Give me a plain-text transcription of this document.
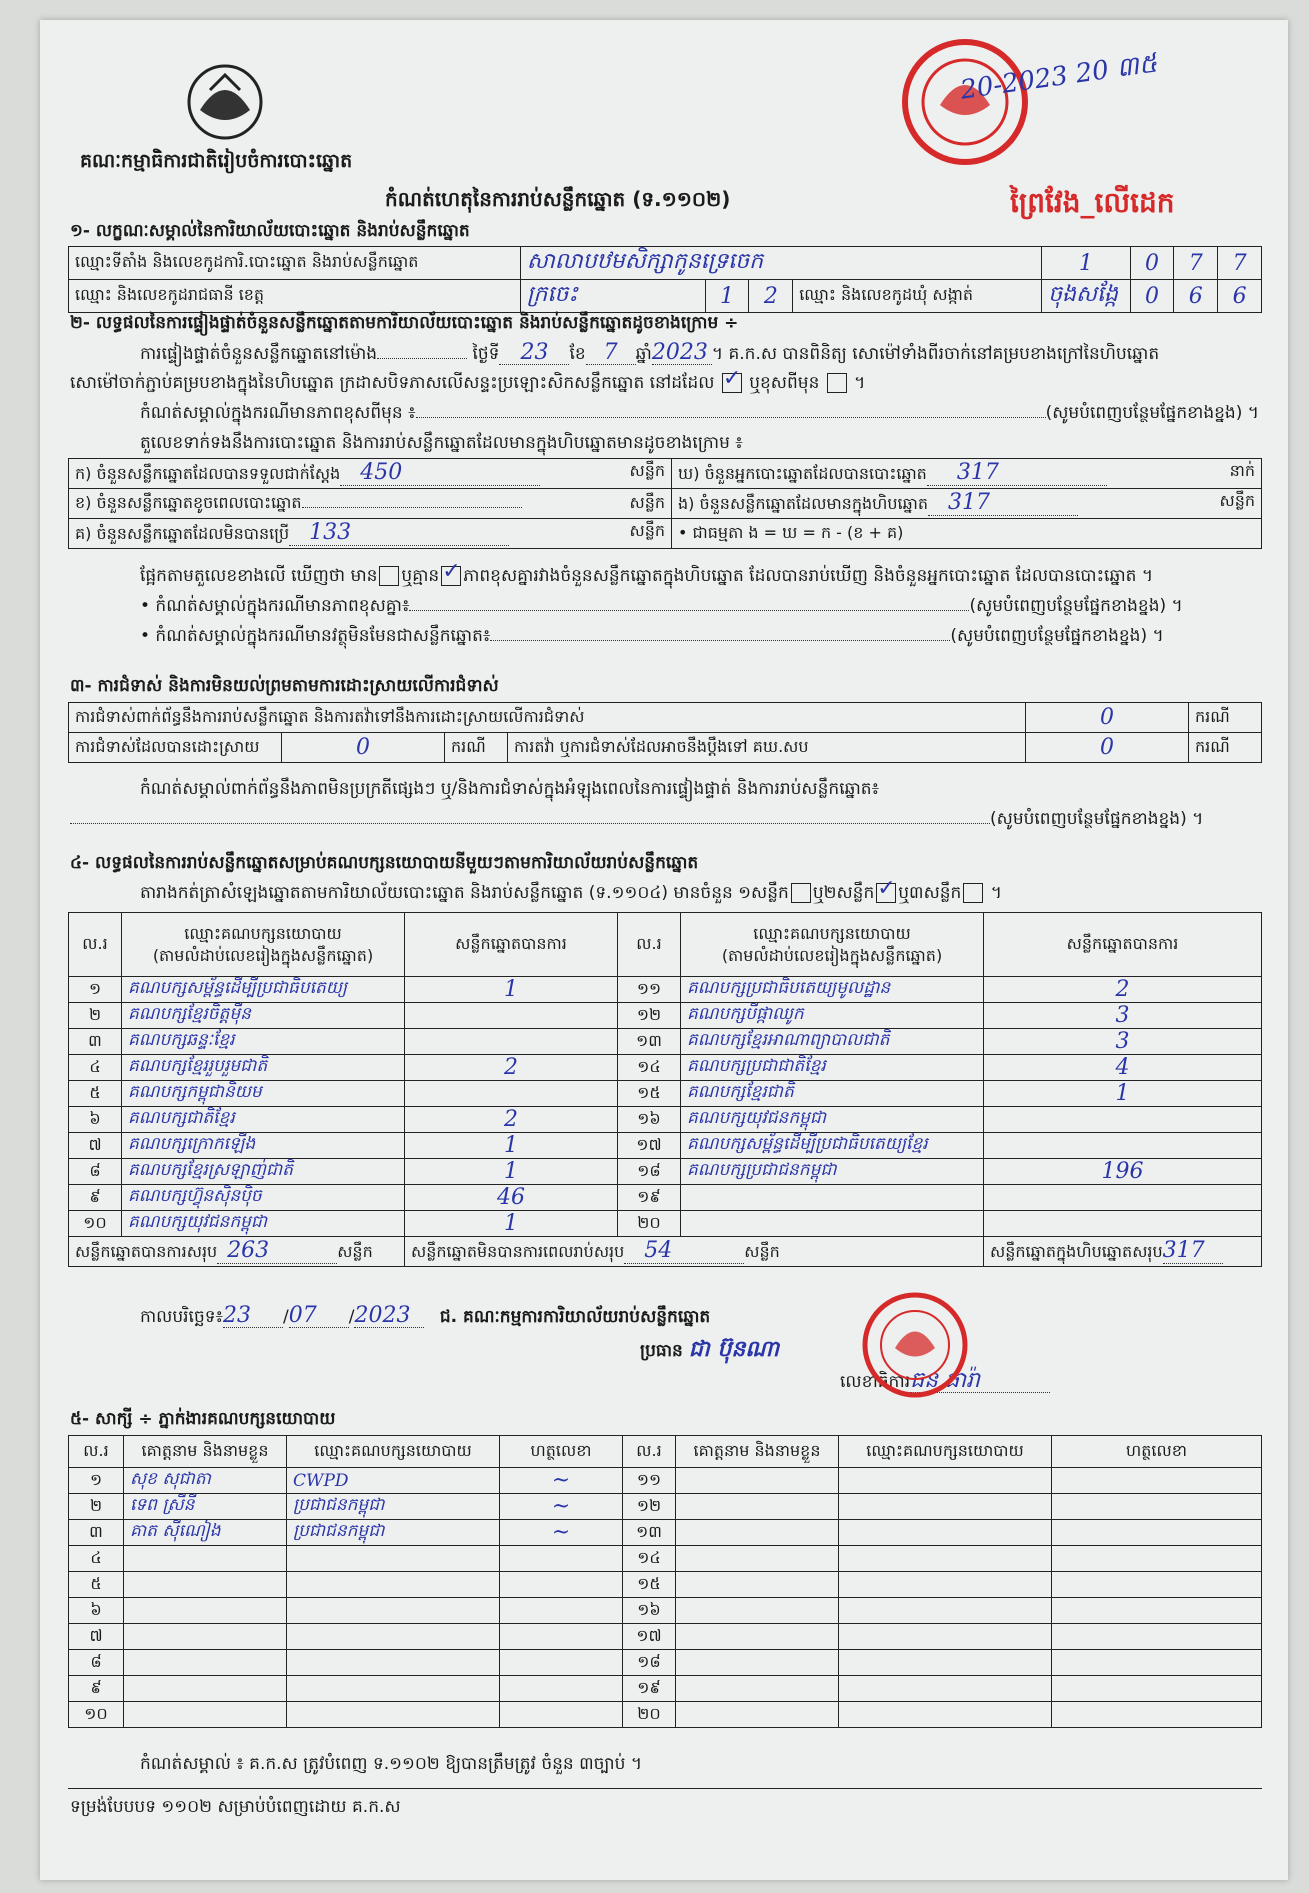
គណៈកម្មាធិការជាតិរៀបចំការបោះឆ្នោត
កំណត់ហេតុនៃការរាប់សន្លឹកឆ្នោត (ទ.១១០២)
20-2023 20 ៣៥
ព្រៃវែង_លើដេក
១- លក្ខណៈសម្គាល់នៃការិយាល័យបោះឆ្នោត និងរាប់សន្លឹកឆ្នោត
ឈ្មោះទីតាំង និងលេខកូដការិ.បោះឆ្នោត និងរាប់សន្លឹកឆ្នោត	សាលាបឋមសិក្សាកូនទ្រេចេក				1	0	7	7
ឈ្មោះ និងលេខកូដរាជធានី ខេត្ត	ក្រចេះ	1	2	ឈ្មោះ និងលេខកូដឃុំ សង្កាត់	ចុងសង្កែ	0	6	6
២- លទ្ធផលនៃការផ្ទៀងផ្ទាត់ចំនួនសន្លឹកឆ្នោតតាមការិយាល័យបោះឆ្នោត និងរាប់សន្លឹកឆ្នោតដូចខាងក្រោម ÷
ការផ្ទៀងផ្ទាត់ចំនួនសន្លឹកឆ្នោតនៅម៉ោង	ថ្ងៃទី 23 ខែ 7 ឆ្នាំ2023 ។ គ.ក.ស បានពិនិត្យ សោម៉ៅទាំងពីរចាក់នៅគម្របខាងក្រៅនៃហិបឆ្នោត
សោម៉ៅចាក់ភ្ជាប់គម្របខាងក្នុងនៃហិបឆ្នោត ក្រដាសបិទភាសលើសន្ទះប្រឡោះសិកសន្លឹកឆ្នោត នៅដដែល ✓ ឬខុសពីមុន  ។
កំណត់សម្គាល់ក្នុងករណីមានភាពខុសពីមុន ៖	(សូមបំពេញបន្ថែមផ្នែកខាងខ្នង) ។
តួលេខទាក់ទងនឹងការបោះឆ្នោត និងការរាប់សន្លឹកឆ្នោតដែលមានក្នុងហិបឆ្នោតមានដូចខាងក្រោម ៖
ក) ចំនួនសន្លឹកឆ្នោតដែលបានទទួលជាក់ស្តែង 450 សន្លឹក	ឃ) ចំនួនអ្នកបោះឆ្នោតដែលបានបោះឆ្នោត 317 នាក់

ខ) ចំនួនសន្លឹកឆ្នោតខូចពេលបោះឆ្នោត សន្លឹក	ង) ចំនួនសន្លឹកឆ្នោតដែលមានក្នុងហិបឆ្នោត 317 សន្លឹក

គ) ចំនួនសន្លឹកឆ្នោតដែលមិនបានប្រើ 133 សន្លឹក	• ជាធម្មតា ង = ឃ = ក - (ខ + គ)
ផ្អែកតាមតួលេខខាងលើ ឃើញថា មាន ឬគ្មាន ✓ ភាពខុសគ្នារវាងចំនួនសន្លឹកឆ្នោតក្នុងហិបឆ្នោត ដែលបានរាប់ឃើញ និងចំនួនអ្នកបោះឆ្នោត ដែលបានបោះឆ្នោត ។
• កំណត់សម្គាល់ក្នុងករណីមានភាពខុសគ្នា៖	(សូមបំពេញបន្ថែមផ្នែកខាងខ្នង) ។
• កំណត់សម្គាល់ក្នុងករណីមានវត្ថុមិនមែនជាសន្លឹកឆ្នោត៖	(សូមបំពេញបន្ថែមផ្នែកខាងខ្នង) ។
៣- ការជំទាស់ និងការមិនយល់ព្រមតាមការដោះស្រាយលើការជំទាស់
ការជំទាស់ពាក់ព័ន្ធនឹងការរាប់សន្លឹកឆ្នោត និងការតវ៉ាទៅនឹងការដោះស្រាយលើការជំទាស់				0	ករណី
ការជំទាស់ដែលបានដោះស្រាយ	0	ករណី	ការតវ៉ា ឬការជំទាស់ដែលអាចនឹងប្តឹងទៅ គឃ.សប	0	ករណី
កំណត់សម្គាល់ពាក់ព័ន្ធនឹងភាពមិនប្រក្រតីផ្សេងៗ ឬ/និងការជំទាស់ក្នុងអំឡុងពេលនៃការផ្ទៀងផ្ទាត់ និងការរាប់សន្លឹកឆ្នោត៖
(សូមបំពេញបន្ថែមផ្នែកខាងខ្នង) ។
៤- លទ្ធផលនៃការរាប់សន្លឹកឆ្នោតសម្រាប់គណបក្សនយោបាយនីមួយៗតាមការិយាល័យរាប់សន្លឹកឆ្នោត
តារាងកត់ត្រាសំឡេងឆ្នោតតាមការិយាល័យបោះឆ្នោត និងរាប់សន្លឹកឆ្នោត (ទ.១១០៤) មានចំនួន ១សន្លឹក ឬ២សន្លឹក ✓ ឬ៣សន្លឹក ។
ល.រ	ឈ្មោះគណបក្សនយោបាយ
(តាមលំដាប់លេខរៀងក្នុងសន្លឹកឆ្នោត)	សន្លឹកឆ្នោតបានការ	ល.រ	ឈ្មោះគណបក្សនយោបាយ
(តាមលំដាប់លេខរៀងក្នុងសន្លឹកឆ្នោត)	សន្លឹកឆ្នោតបានការ
១	គណបក្សសម្ព័ន្ធដើម្បីប្រជាធិបតេយ្យ	1	១១	គណបក្សប្រជាធិបតេយ្យមូលដ្ឋាន	2
២	គណបក្សខ្មែរចិត្តម៉ឺន		១២	គណបក្សបីផ្កាឈូក	3
៣	គណបក្សឆន្ទៈខ្មែរ		១៣	គណបក្សខ្មែរអាណាព្យាបាលជាតិ	3
៤	គណបក្សខ្មែររួបរួមជាតិ	2	១៤	គណបក្សប្រជាជាតិខ្មែរ	4
៥	គណបក្សកម្ពុជានិយម		១៥	គណបក្សខ្មែរជាតិ	1
៦	គណបក្សជាតិខ្មែរ	2	១៦	គណបក្សយុវជនកម្ពុជា	
៧	គណបក្សក្រោកឡើង	1	១៧	គណបក្សសម្ព័ន្ធដើម្បីប្រជាធិបតេយ្យខ្មែរ	
៨	គណបក្សខ្មែរស្រឡាញ់ជាតិ	1	១៨	គណបក្សប្រជាជនកម្ពុជា	196
៩	គណបក្សហ៊្វុនស៊ិនប៉ិច	46	១៩		
១០	គណបក្សយុវជនកម្ពុជា	1	២០		
សន្លឹកឆ្នោតបានការសរុប 263 សន្លឹក		សន្លឹកឆ្នោតមិនបានការពេលរាប់សរុប 54 សន្លឹក			សន្លឹកឆ្នោតក្នុងហិបឆ្នោតសរុប317
កាលបរិច្ឆេទ៖23 /07 /2023 ជ. គណៈកម្មការការិយាល័យរាប់សន្លឹកឆ្នោត
ប្រធាន ជា ប៊ុនណា
លេខាធិការធន ធារ៉ា
៥- សាក្សី ÷ ភ្នាក់ងារគណបក្សនយោបាយ
ល.រ	គោត្តនាម និងនាមខ្លួន	ឈ្មោះគណបក្សនយោបាយ	ហត្ថលេខា	ល.រ	គោត្តនាម និងនាមខ្លួន	ឈ្មោះគណបក្សនយោបាយ	ហត្ថលេខា
១	សុខ សុជាតា	CWPD	~	១១			
២	ទេព ស្រីនី	ប្រជាជនកម្ពុជា	~	១២			
៣	គាត ស៊ីណៀង	ប្រជាជនកម្ពុជា	~	១៣			
៤				១៤			
៥				១៥			
៦				១៦			
៧				១៧			
៨				១៨			
៩				១៩			
១០				២០			
កំណត់សម្គាល់ ៖ គ.ក.ស ត្រូវបំពេញ ទ.១១០២ ឱ្យបានត្រឹមត្រូវ ចំនួន ៣ច្បាប់ ។
ទម្រង់បែបបទ ១១០២ សម្រាប់បំពេញដោយ គ.ក.ស
